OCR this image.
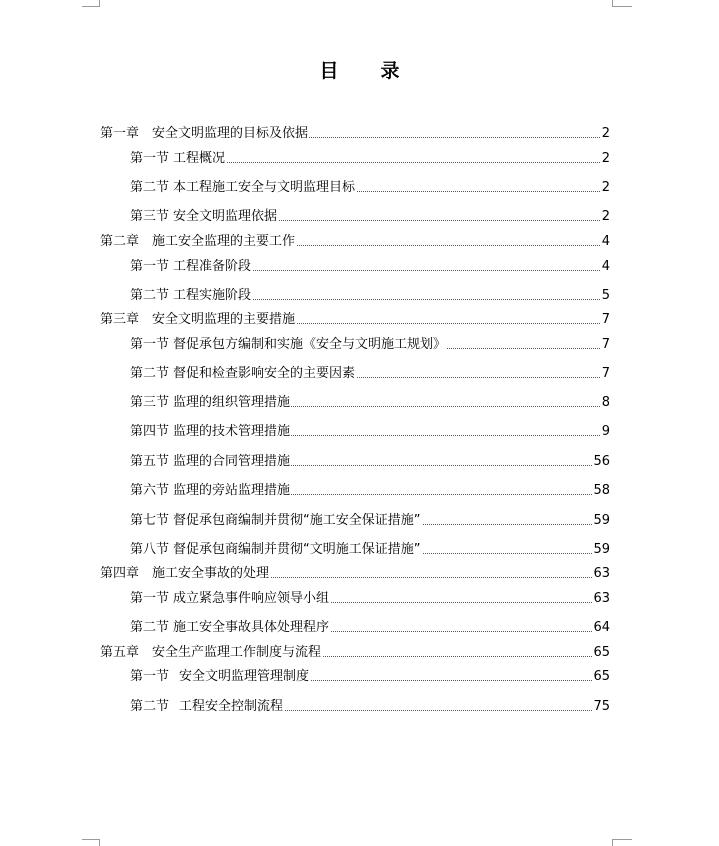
目 录
第一章 安全文明监理的目标及依据	2
第一节 工程概况	2
第二节 本工程施工安全与文明监理目标	2
第三节 安全文明监理依据	2
第二章 施工安全监理的主要工作	4
第一节 工程准备阶段	4
第二节 工程实施阶段	5
第三章 安全文明监理的主要措施	7
第一节 督促承包方编制和实施《安全与文明施工规划》	7
第二节 督促和检查影响安全的主要因素	7
第三节 监理的组织管理措施	8
第四节 监理的技术管理措施	9
第五节 监理的合同管理措施	56
第六节 监理的旁站监理措施	58
第七节 督促承包商编制并贯彻“施工安全保证措施”	59
第八节 督促承包商编制并贯彻“文明施工保证措施”	59
第四章 施工安全事故的处理	63
第一节 成立紧急事件响应领导小组	63
第二节 施工安全事故具体处理程序	64
第五章 安全生产监理工作制度与流程	65
第一节 安全文明监理管理制度	65
第二节 工程安全控制流程	75
